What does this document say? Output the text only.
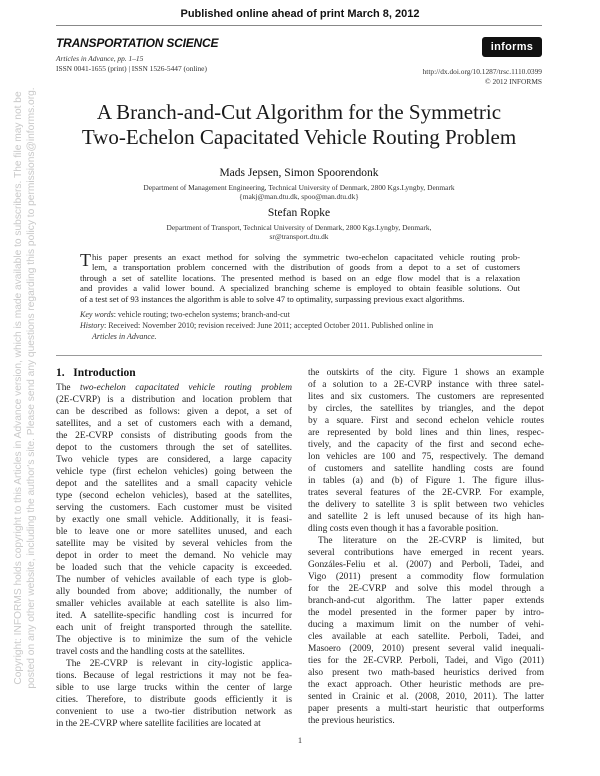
Copyright: INFORMS holds copyright to this Articles in Advance version, which is made available to subscribers. The file may not be posted on any other website, including the author's site. Please send any questions regarding this policy to permissions@informs.org.
Published online ahead of print March 8, 2012
TRANSPORTATION SCIENCE
Articles in Advance, pp. 1–15
ISSN 0041-1655 (print) | ISSN 1526-5447 (online)
informs
http://dx.doi.org/10.1287/trsc.1110.0399
© 2012 INFORMS
A Branch-and-Cut Algorithm for the Symmetric
Two-Echelon Capacitated Vehicle Routing Problem
Mads Jepsen, Simon Spoorendonk
Department of Management Engineering, Technical University of Denmark, 2800 Kgs.Lyngby, Denmark
{makj@man.dtu.dk, spoo@man.dtu.dk}
Stefan Ropke
Department of Transport, Technical University of Denmark, 2800 Kgs.Lyngby, Denmark,
sr@transport.dtu.dk
T his paper presents an exact method for solving the symmetric two-echelon capacitated vehicle routing prob-
lem, a transportation problem concerned with the distribution of goods from a depot to a set of customers
through a set of satellite locations. The presented method is based on an edge flow model that is a relaxation
and provides a valid lower bound. A specialized branching scheme is employed to obtain feasible solutions. Out
of a test set of 93 instances the algorithm is able to solve 47 to optimality, surpassing previous exact algorithms.
Key words: vehicle routing; two-echelon systems; branch-and-cut
History: Received: November 2010; revision received: June 2011; accepted October 2011. Published online in
Articles in Advance.
1. Introduction
The two-echelon capacitated vehicle routing problem
(2E-CVRP) is a distribution and location problem that
can be described as follows: given a depot, a set of
satellites, and a set of customers each with a demand,
the 2E-CVRP consists of distributing goods from the
depot to the customers through the set of satellites.
Two vehicle types are considered, a large capacity
vehicle type (first echelon vehicles) going between the
depot and the satellites and a small capacity vehicle
type (second echelon vehicles), based at the satellites,
serving the customers. Each customer must be visited
by exactly one small vehicle. Additionally, it is feasi-
ble to leave one or more satellites unused, and each
satellite may be visited by several vehicles from the
depot in order to meet the demand. No vehicle may
be loaded such that the vehicle capacity is exceeded.
The number of vehicles available of each type is glob-
ally bounded from above; additionally, the number of
smaller vehicles available at each satellite is also lim-
ited. A satellite-specific handling cost is incurred for
each unit of freight transported through the satellite.
The objective is to minimize the sum of the vehicle
travel costs and the handling costs at the satellites.
The 2E-CVRP is relevant in city-logistic applica-
tions. Because of legal restrictions it may not be fea-
sible to use large trucks within the center of large
cities. Therefore, to distribute goods efficiently it is
convenient to use a two-tier distribution network as
in the 2E-CVRP where satellite facilities are located at
the outskirts of the city. Figure 1 shows an example
of a solution to a 2E-CVRP instance with three satel-
lites and six customers. The customers are represented
by circles, the satellites by triangles, and the depot
by a square. First and second echelon vehicle routes
are represented by bold lines and thin lines, respec-
tively, and the capacity of the first and second eche-
lon vehicles are 100 and 75, respectively. The demand
of customers and satellite handling costs are found
in tables (a) and (b) of Figure 1. The figure illus-
trates several features of the 2E-CVRP. For example,
the delivery to satellite 3 is split between two vehicles
and satellite 2 is left unused because of its high han-
dling costs even though it has a favorable position.
The literature on the 2E-CVRP is limited, but
several contributions have emerged in recent years.
Gonzáles-Feliu et al. (2007) and Perboli, Tadei, and
Vigo (2011) present a commodity flow formulation
for the 2E-CVRP and solve this model through a
branch-and-cut algorithm. The latter paper extends
the model presented in the former paper by intro-
ducing a maximum limit on the number of vehi-
cles available at each satellite. Perboli, Tadei, and
Masoero (2009, 2010) present several valid inequali-
ties for the 2E-CVRP. Perboli, Tadei, and Vigo (2011)
also present two math-based heuristics derived from
the exact approach. Other heuristic methods are pre-
sented in Crainic et al. (2008, 2010, 2011). The latter
paper presents a multi-start heuristic that outperforms
the previous heuristics.
1
